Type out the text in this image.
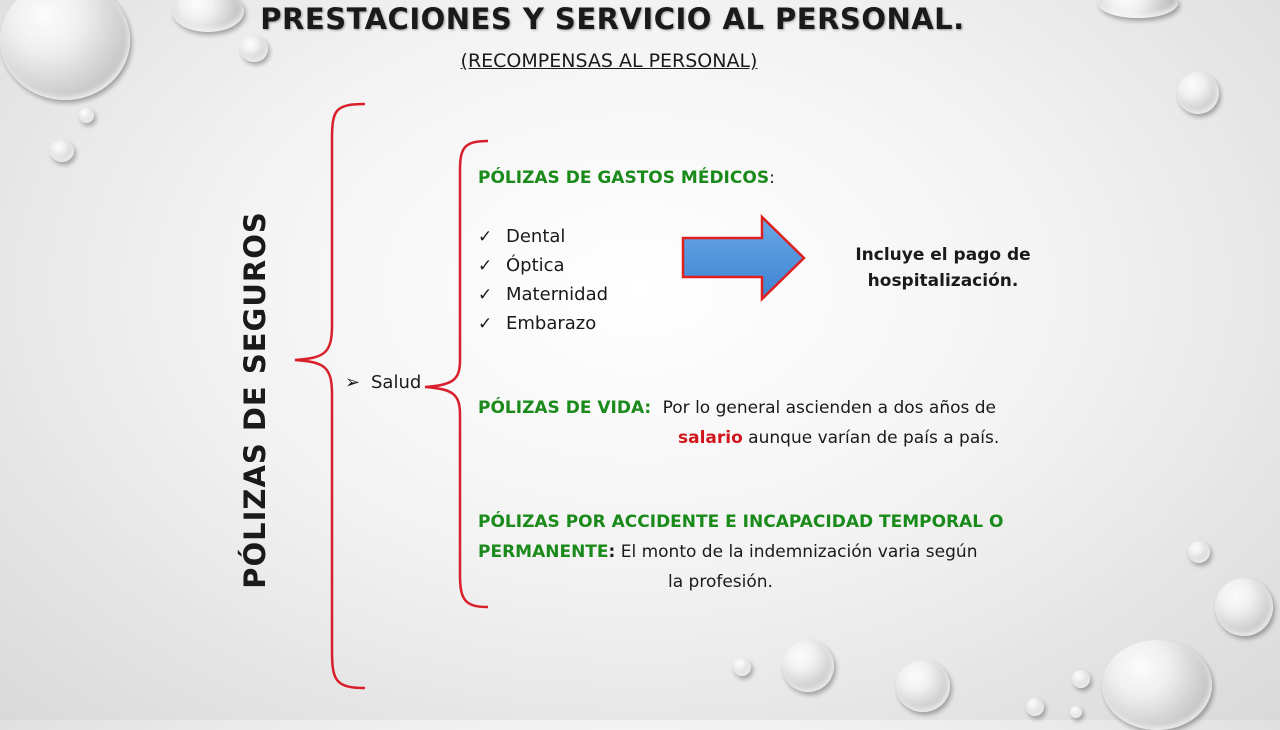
PRESTACIONES Y SERVICIO AL PERSONAL.
(RECOMPENSAS AL PERSONAL)
PÓLIZAS DE SEGUROS	➢ Salud
PÓLIZAS DE GASTOS MÉDICOS:
✓ Dental
✓ Óptica
✓ Maternidad
✓ Embarazo
Incluye el pago de
hospitalización.
PÓLIZAS DE VIDA: Por lo general ascienden a dos años de
salario aunque varían de país a país.
PÓLIZAS POR ACCIDENTE E INCAPACIDAD TEMPORAL O
PERMANENTE: El monto de la indemnización varia según
la profesión.
